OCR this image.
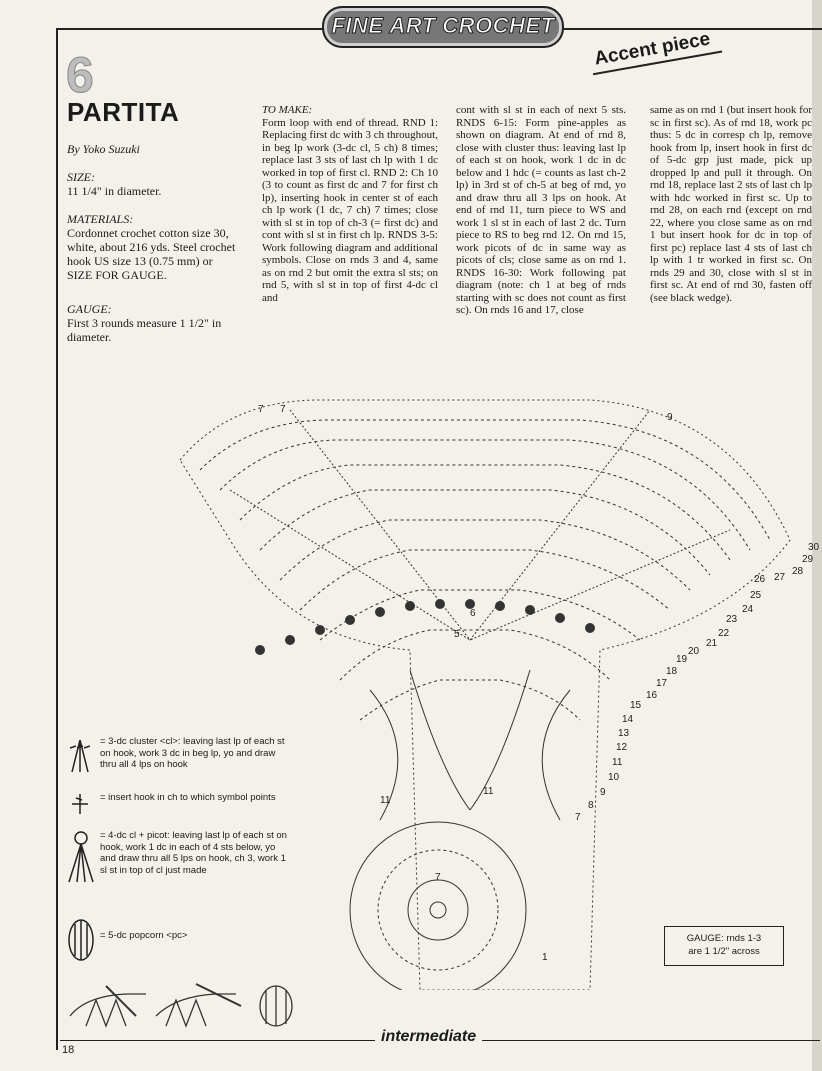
FINE ART CROCHET
Accent piece
6
PARTITA
By Yoko Suzuki
SIZE:
11 1/4" in diameter.
MATERIALS:
Cordonnet crochet cotton size 30, white, about 216 yds. Steel crochet hook US size 13 (0.75 mm) or SIZE FOR GAUGE.
GAUGE:
First 3 rounds measure 1 1/2" in diameter.
TO MAKE:
Form loop with end of thread. RND 1: Replacing first dc with 3 ch throughout, in beg lp work (3-dc cl, 5 ch) 8 times; replace last 3 sts of last ch lp with 1 dc worked in top of first cl. RND 2: Ch 10 (3 to count as first dc and 7 for first ch lp), inserting hook in center st of each ch lp work (1 dc, 7 ch) 7 times; close with sl st in top of ch-3 (= first dc) and cont with sl st in first ch lp. RNDS 3-5: Work following diagram and additional symbols. Close on rnds 3 and 4, same as on rnd 2 but omit the extra sl sts; on rnd 5, with sl st in top of first 4-dc cl and
cont with sl st in each of next 5 sts. RNDS 6-15: Form pine-apples as shown on diagram. At end of rnd 8, close with cluster thus: leaving last lp of each st on hook, work 1 dc in dc below and 1 hdc (= counts as last ch-2 lp) in 3rd st of ch-5 at beg of rnd, yo and draw thru all 3 lps on hook. At end of rnd 11, turn piece to WS and work 1 sl st in each of last 2 dc. Turn piece to RS to beg rnd 12. On rnd 15, work picots of dc in same way as picots of cls; close same as on rnd 1. RNDS 16-30: Work following pat diagram (note: ch 1 at beg of rnds starting with sc does not count as first sc). On rnds 16 and 17, close
same as on rnd 1 (but insert hook for sc in first sc). As of rnd 18, work pc thus: 5 dc in corresp ch lp, remove hook from lp, insert hook in first dc of 5-dc grp just made, pick up dropped lp and pull it through. On rnd 18, replace last 2 sts of last ch lp with hdc worked in first sc. Up to rnd 28, on each rnd (except on rnd 22, where you close same as on rnd 1 but insert hook for dc in top of first pc) replace last 4 sts of last ch lp with 1 tr worked in first sc. On rnds 29 and 30, close with sl st in first sc. At end of rnd 30, fasten off (see black wedge).
1
7
8
9
10
11
12
13
14
15
16
17
18
19
20
21
22
23
24
25
26 27
28
29
30
7
9
7
6
5
11
11
7
= 3-dc cluster <cl>: leaving last lp of each st on hook, work 3 dc in beg lp, yo and draw thru all 4 lps on hook
= insert hook in ch to which symbol points
= 4-dc cl + picot: leaving last lp of each st on hook, work 1 dc in each of 4 sts below, yo and draw thru all 5 lps on hook, ch 3, work 1 sl st in top of cl just made
= 5-dc popcorn <pc>	GAUGE: rnds 1-3
are 1 1/2" across
intermediate
18
